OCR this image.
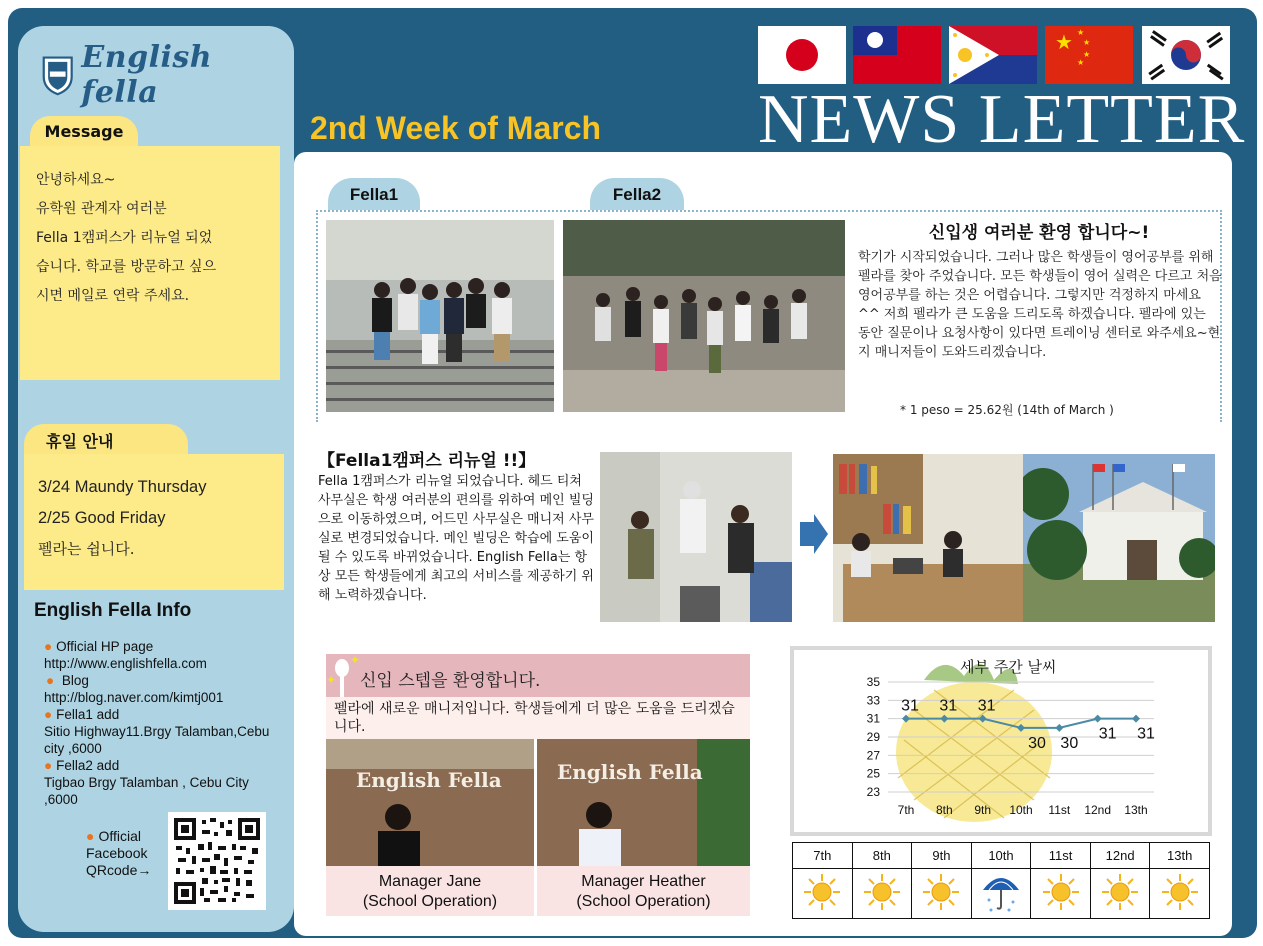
English fella
Message
안녕하세요~
유학원 관계자 여러분
Fella 1캠퍼스가 리뉴얼 되었
습니다. 학교를 방문하고 싶으
시면 메일로 연락 주세요.
휴일 안내
3/24 Maundy Thursday
2/25 Good Friday
펠라는 쉽니다.
English Fella Info
● Official HP page
http://www.englishfella.com
● Blog
http://blog.naver.com/kimtj001
● Fella1 add
Sitio Highway11.Brgy Talamban,Cebu city ,6000
● Fella2 add
Tigbao Brgy Talamban , Cebu City ,6000
● Official
Facebook
QRcode→
2nd Week of March
★ ★
★
★
★
NEWS LETTER
Fella1	Fella2
신입생 여러분 환영 합니다~!
학기가 시작되었습니다. 그러나 많은 학생들이 영어공부를 위해 펠라를 찾아 주었습니다. 모든 학생들이 영어 실력은 다르고 처음 영어공부를 하는 것은 어렵습니다. 그렇지만 걱정하지 마세요^^ 저희 펠라가 큰 도움을 드리도록 하겠습니다. 펠라에 있는 동안 질문이나 요청사항이 있다면 트레이닝 센터로 와주세요~현지 매니저들이 도와드리겠습니다.
* 1 peso = 25.62원 (14th of March )
【Fella1캠퍼스 리뉴얼 !!】
Fella 1캠퍼스가 리뉴얼 되었습니다. 헤드 티쳐 사무실은 학생 여러분의 편의를 위하여 메인 빌딩으로 이동하였으며, 어드민 사무실은 매니저 사무실로 변경되었습니다. 메인 빌딩은 학습에 도움이 될 수 있도록 바뀌었습니다. English Fella는 항상 모든 학생들에게 최고의 서비스를 제공하기 위해 노력하겠습니다.
✦
✦ 신입 스텝을 환영합니다.
펠라에 새로운 매니저입니다. 학생들에게 더 많은 도움을 드리겠습니다.
English Fella	English Fella
Manager Jane
(School Operation)
Manager Heather
(School Operation)
35
33
31
29
27
25
23
7th 8th 9th 10th 11st 12nd 13th
31 31 31
30 30
31 31
세부 주간 날씨
7th	8th	9th	10th	11st	12nd	13th
